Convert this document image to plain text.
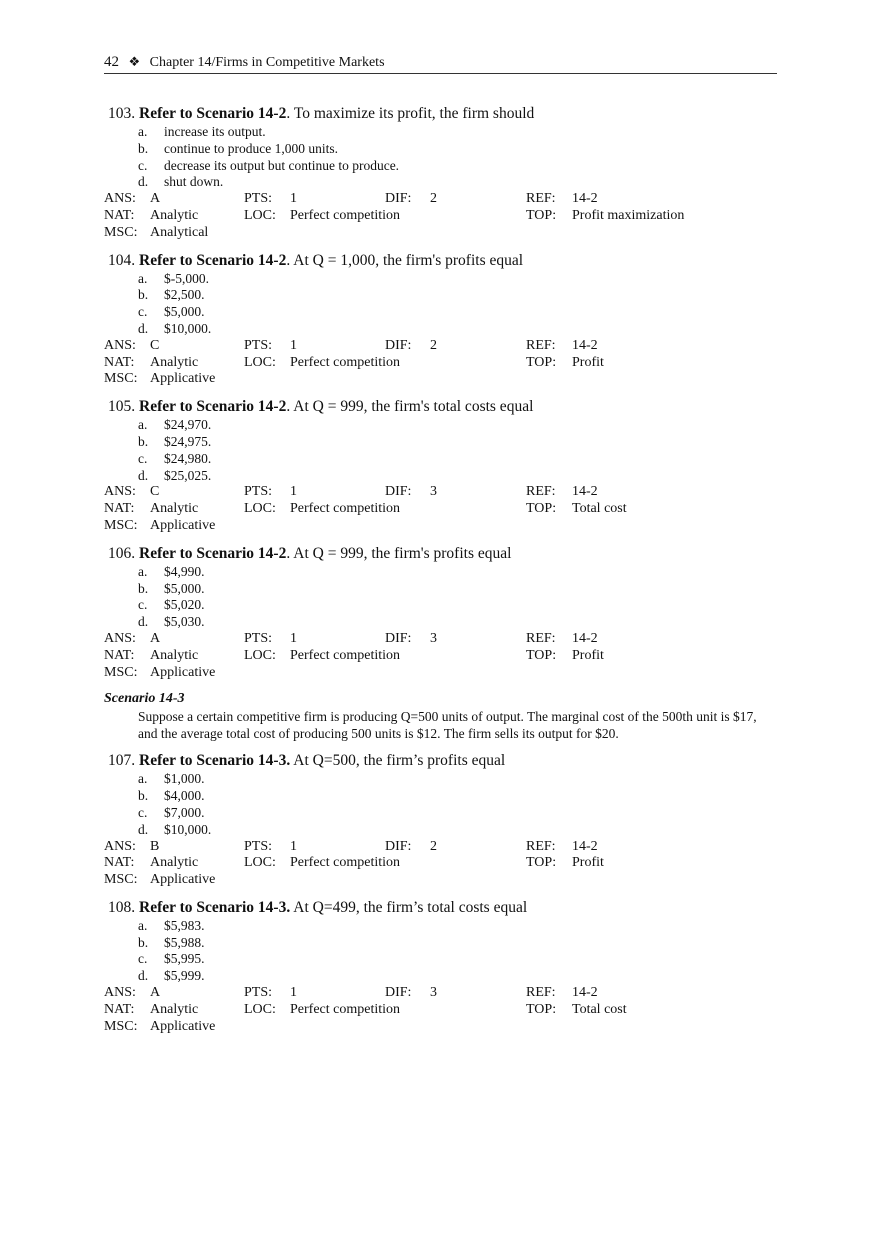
42 ❖ Chapter 14/Firms in Competitive Markets
103. Refer to Scenario 14-2. To maximize its profit, the firm should
a.	increase its output.
b.	continue to produce 1,000 units.
c.	decrease its output but continue to produce.
d.	shut down.
ANS: A	PTS: 1	DIF: 2	REF: 14-2
NAT: Analytic	LOC: Perfect competition	TOP: Profit maximization
MSC: Analytical
104. Refer to Scenario 14-2. At Q = 1,000, the firm's profits equal
a.	$-5,000.
b.	$2,500.
c.	$5,000.
d.	$10,000.
ANS: C	PTS: 1	DIF: 2	REF: 14-2
NAT: Analytic	LOC: Perfect competition	TOP: Profit
MSC: Applicative
105. Refer to Scenario 14-2. At Q = 999, the firm's total costs equal
a.	$24,970.
b.	$24,975.
c.	$24,980.
d.	$25,025.
ANS: C	PTS: 1	DIF: 3	REF: 14-2
NAT: Analytic	LOC: Perfect competition	TOP: Total cost
MSC: Applicative
106. Refer to Scenario 14-2. At Q = 999, the firm's profits equal
a.	$4,990.
b.	$5,000.
c.	$5,020.
d.	$5,030.
ANS: A	PTS: 1	DIF: 3	REF: 14-2
NAT: Analytic	LOC: Perfect competition	TOP: Profit
MSC: Applicative
Scenario 14-3
Suppose a certain competitive firm is producing Q=500 units of output. The marginal cost of the 500th unit is $17, and the average total cost of producing 500 units is $12. The firm sells its output for $20.
107. Refer to Scenario 14-3. At Q=500, the firm’s profits equal
a.	$1,000.
b.	$4,000.
c.	$7,000.
d.	$10,000.
ANS: B	PTS: 1	DIF: 2	REF: 14-2
NAT: Analytic	LOC: Perfect competition	TOP: Profit
MSC: Applicative
108. Refer to Scenario 14-3. At Q=499, the firm’s total costs equal
a.	$5,983.
b.	$5,988.
c.	$5,995.
d.	$5,999.
ANS: A	PTS: 1	DIF: 3	REF: 14-2
NAT: Analytic	LOC: Perfect competition	TOP: Total cost
MSC: Applicative
